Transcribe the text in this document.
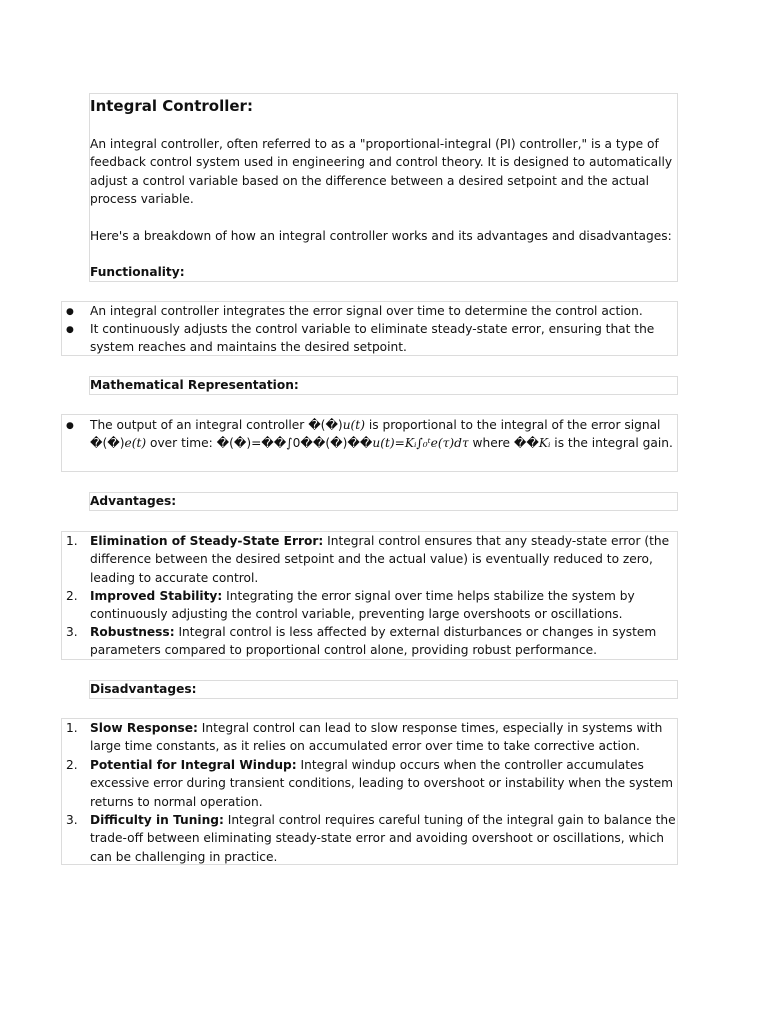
Integral Controller:
An integral controller, often referred to as a "proportional-integral (PI) controller," is a type of feedback control system used in engineering and control theory. It is designed to automatically adjust a control variable based on the difference between a desired setpoint and the actual process variable.
Here's a breakdown of how an integral controller works and its advantages and disadvantages:
Functionality:
●	An integral controller integrates the error signal over time to determine the control action.
●	It continuously adjusts the control variable to eliminate steady-state error, ensuring that the system reaches and maintains the desired setpoint.
Mathematical Representation:
●	The output of an integral controller �(�)u(t) is proportional to the integral of the error signal �(�)e(t) over time: �(�)=��∫0��(�)��u(t)=Kᵢ∫₀ᵗe(τ)dτ where ��Kᵢ is the integral gain.
Advantages:
1.	Elimination of Steady-State Error: Integral control ensures that any steady-state error (the difference between the desired setpoint and the actual value) is eventually reduced to zero, leading to accurate control.
2.	Improved Stability: Integrating the error signal over time helps stabilize the system by continuously adjusting the control variable, preventing large overshoots or oscillations.
3.	Robustness: Integral control is less affected by external disturbances or changes in system parameters compared to proportional control alone, providing robust performance.
Disadvantages:
1.	Slow Response: Integral control can lead to slow response times, especially in systems with large time constants, as it relies on accumulated error over time to take corrective action.
2.	Potential for Integral Windup: Integral windup occurs when the controller accumulates excessive error during transient conditions, leading to overshoot or instability when the system returns to normal operation.
3.	Difficulty in Tuning: Integral control requires careful tuning of the integral gain to balance the trade-off between eliminating steady-state error and avoiding overshoot or oscillations, which can be challenging in practice.
